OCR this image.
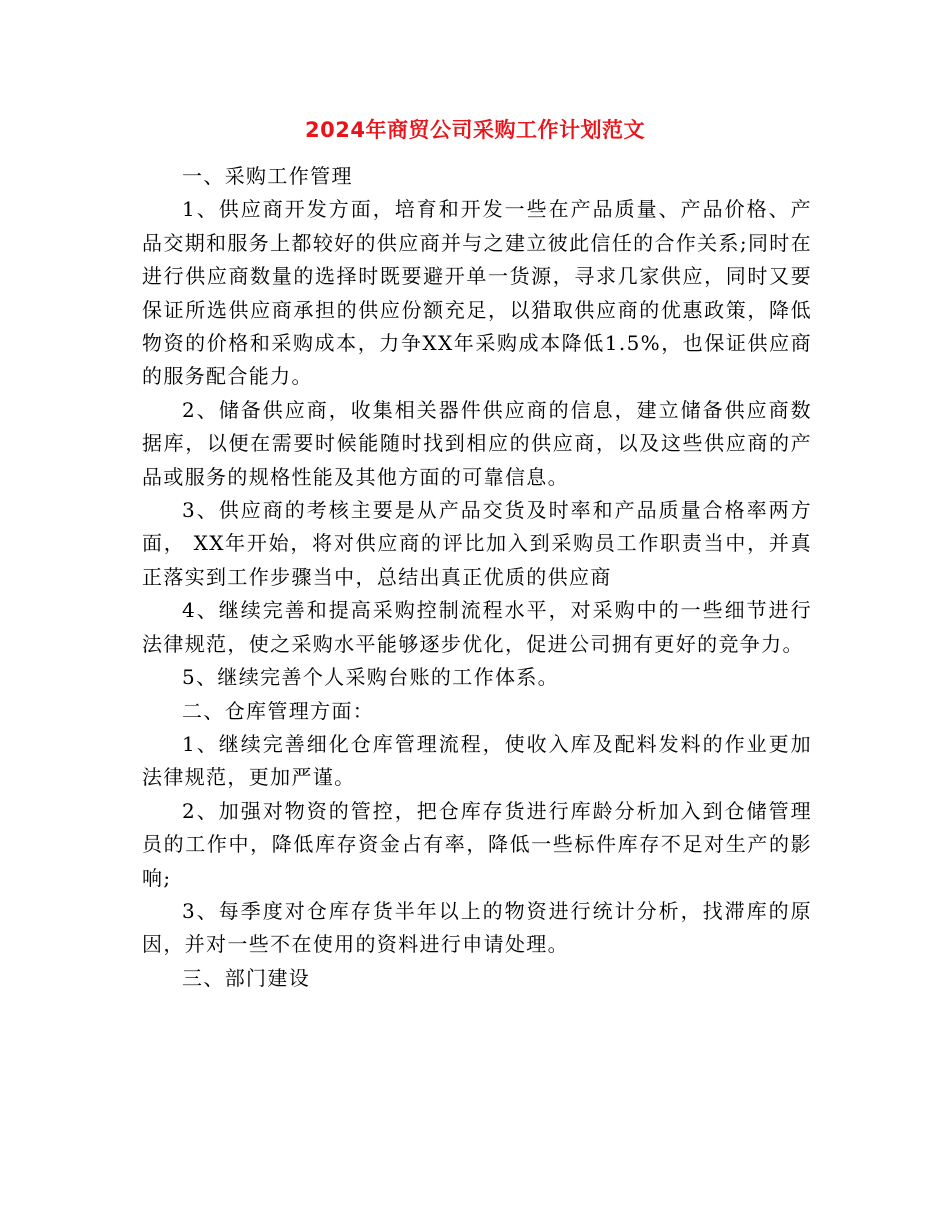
2024年商贸公司采购工作计划范文

一、采购工作管理

1、供应商开发方面，培育和开发一些在产品质量、产品价格、产品交期和服务上都较好的供应商并与之建立彼此信任的合作关系;同时在进行供应商数量的选择时既要避开单一货源，寻求几家供应，同时又要保证所选供应商承担的供应份额充足，以猎取供应商的优惠政策，降低物资的价格和采购成本，力争XX年采购成本降低1.5%，也保证供应商的服务配合能力。

2、储备供应商，收集相关器件供应商的信息，建立储备供应商数据库，以便在需要时候能随时找到相应的供应商，以及这些供应商的产品或服务的规格性能及其他方面的可靠信息。

3、供应商的考核主要是从产品交货及时率和产品质量合格率两方面， XX年开始，将对供应商的评比加入到采购员工作职责当中，并真正落实到工作步骤当中，总结出真正优质的供应商

4、继续完善和提高采购控制流程水平，对采购中的一些细节进行法律规范，使之采购水平能够逐步优化，促进公司拥有更好的竞争力。

5、继续完善个人采购台账的工作体系。

二、仓库管理方面：

1、继续完善细化仓库管理流程，使收入库及配料发料的作业更加法律规范，更加严谨。

2、加强对物资的管控，把仓库存货进行库龄分析加入到仓储管理员的工作中，降低库存资金占有率，降低一些标件库存不足对生产的影响;

3、每季度对仓库存货半年以上的物资进行统计分析，找滞库的原因，并对一些不在使用的资料进行申请处理。

三、部门建设
